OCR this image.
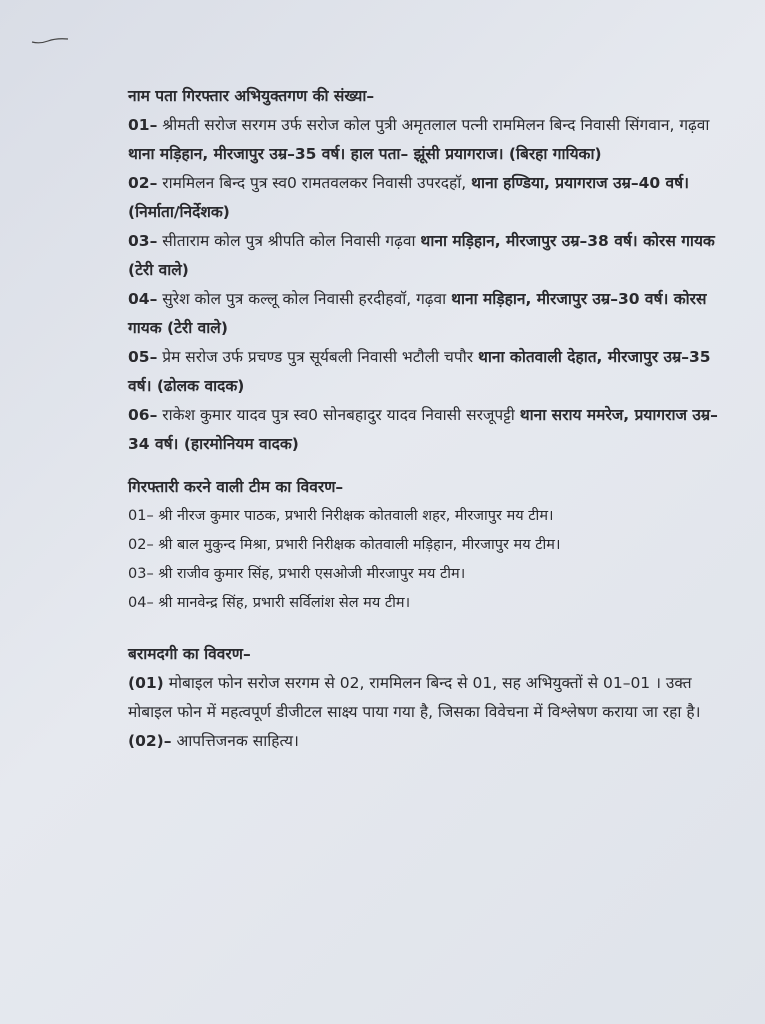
नाम पता गिरफ्तार अभियुक्तगण की संख्या–

01– श्रीमती सरोज सरगम उर्फ सरोज कोल पुत्री अमृतलाल पत्नी राममिलन बिन्द निवासी सिंगवान, गढ़वा थाना मड़िहान, मीरजापुर उम्र–35 वर्ष। हाल पता– झूंसी प्रयागराज। (बिरहा गायिका)

02– राममिलन बिन्द पुत्र स्व0 रामतवलकर निवासी उपरदहॉ, थाना हण्डिया, प्रयागराज उम्र–40 वर्ष। (निर्माता/निर्देशक)

03– सीताराम कोल पुत्र श्रीपति कोल निवासी गढ़वा थाना मड़िहान, मीरजापुर उम्र–38 वर्ष। कोरस गायक (टेरी वाले)

04– सुरेश कोल पुत्र कल्लू कोल निवासी हरदीहवॉ, गढ़वा थाना मड़िहान, मीरजापुर उम्र–30 वर्ष। कोरस गायक (टेरी वाले)

05– प्रेम सरोज उर्फ प्रचण्ड पुत्र सूर्यबली निवासी भटौली चपौर थाना कोतवाली देहात, मीरजापुर उम्र–35 वर्ष। (ढोलक वादक)

06– राकेश कुमार यादव पुत्र स्व0 सोनबहादुर यादव निवासी सरजूपट्टी थाना सराय ममरेज, प्रयागराज उम्र–34 वर्ष। (हारमोनियम वादक)

गिरफ्तारी करने वाली टीम का विवरण–

01– श्री नीरज कुमार पाठक, प्रभारी निरीक्षक कोतवाली शहर, मीरजापुर मय टीम।

02– श्री बाल मुकुन्द मिश्रा, प्रभारी निरीक्षक कोतवाली मड़िहान, मीरजापुर मय टीम।

03– श्री राजीव कुमार सिंह, प्रभारी एसओजी मीरजापुर मय टीम।

04– श्री मानवेन्द्र सिंह, प्रभारी सर्विलांश सेल मय टीम।

बरामदगी का विवरण–

(01) मोबाइल फोन सरोज सरगम से 02, राममिलन बिन्द से 01, सह अभियुक्तों से 01–01 । उक्त मोबाइल फोन में महत्वपूर्ण डीजीटल साक्ष्य पाया गया है, जिसका विवेचना में विश्लेषण कराया जा रहा है।

(02)– आपत्तिजनक साहित्य।
